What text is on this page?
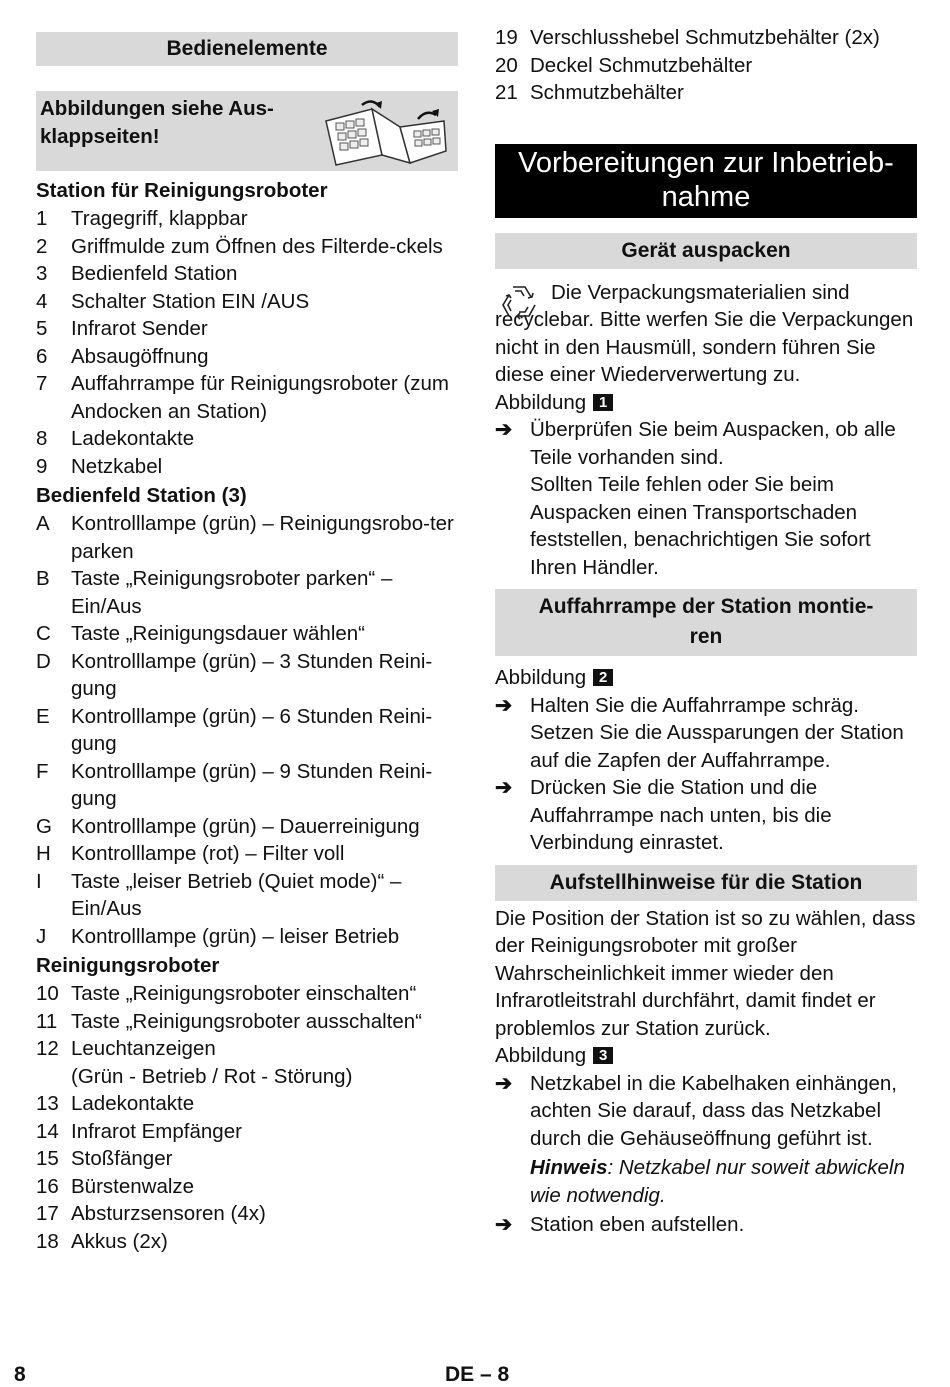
Bedienelemente
Abbildungen siehe Aus-
klappseiten!
Station für Reinigungsroboter
1	Tragegriff, klappbar
2	Griffmulde zum Öffnen des Filterde-ckels
3	Bedienfeld Station
4	Schalter Station EIN /AUS
5	Infrarot Sender
6	Absaugöffnung
7	Auffahrrampe für Reinigungsroboter (zum Andocken an Station)
8	Ladekontakte
9	Netzkabel
Bedienfeld Station (3)
A	Kontrolllampe (grün) – Reinigungsrobo-ter parken
B	Taste „Reinigungsroboter parken“ – Ein/Aus
C Taste „Reinigungsdauer wählen“
D Kontrolllampe (grün) – 3 Stunden Reini-gung
E	Kontrolllampe (grün) – 6 Stunden Reini-gung
F	Kontrolllampe (grün) – 9 Stunden Reini-gung
G Kontrolllampe (grün) – Dauerreinigung
H Kontrolllampe (rot) – Filter voll
I	Taste „leiser Betrieb (Quiet mode)“ – Ein/Aus
J	Kontrolllampe (grün) – leiser Betrieb
Reinigungsroboter
10 Taste „Reinigungsroboter einschalten“
11 Taste „Reinigungsroboter ausschalten“
12 Leuchtanzeigen
(Grün - Betrieb / Rot - Störung)
13 Ladekontakte
14 Infrarot Empfänger
15 Stoßfänger
16 Bürstenwalze
17 Absturzsensoren (4x)
18 Akkus (2x)
19 Verschlusshebel Schmutzbehälter (2x)
20 Deckel Schmutzbehälter
21 Schmutzbehälter
Vorbereitungen zur Inbetrieb-
nahme
Gerät auspacken

Die Verpackungsmaterialien sind recyclebar. Bitte werfen Sie die Verpackungen nicht in den Hausmüll, sondern führen Sie diese einer Wiederverwertung zu.

Abbildung 1
➔ Überprüfen Sie beim Auspacken, ob alle Teile vorhanden sind.
Sollten Teile fehlen oder Sie beim Auspacken einen Transportschaden feststellen, benachrichtigen Sie sofort Ihren Händler.
Auffahrrampe der Station montie-
ren
Abbildung 2
➔ Halten Sie die Auffahrrampe schräg. Setzen Sie die Aussparungen der Station auf die Zapfen der Auffahrrampe.
➔ Drücken Sie die Station und die Auffahrrampe nach unten, bis die Verbindung einrastet.
Aufstellhinweise für die Station

Die Position der Station ist so zu wählen, dass der Reinigungsroboter mit großer Wahrscheinlichkeit immer wieder den Infrarotleitstrahl durchfährt, damit findet er problemlos zur Station zurück.

Abbildung 3
➔ Netzkabel in die Kabelhaken einhängen, achten Sie darauf, dass das Netzkabel durch die Gehäuseöffnung geführt ist.
Hinweis: Netzkabel nur soweit abwickeln wie notwendig.
➔ Station eben aufstellen.
8	DE – 8
